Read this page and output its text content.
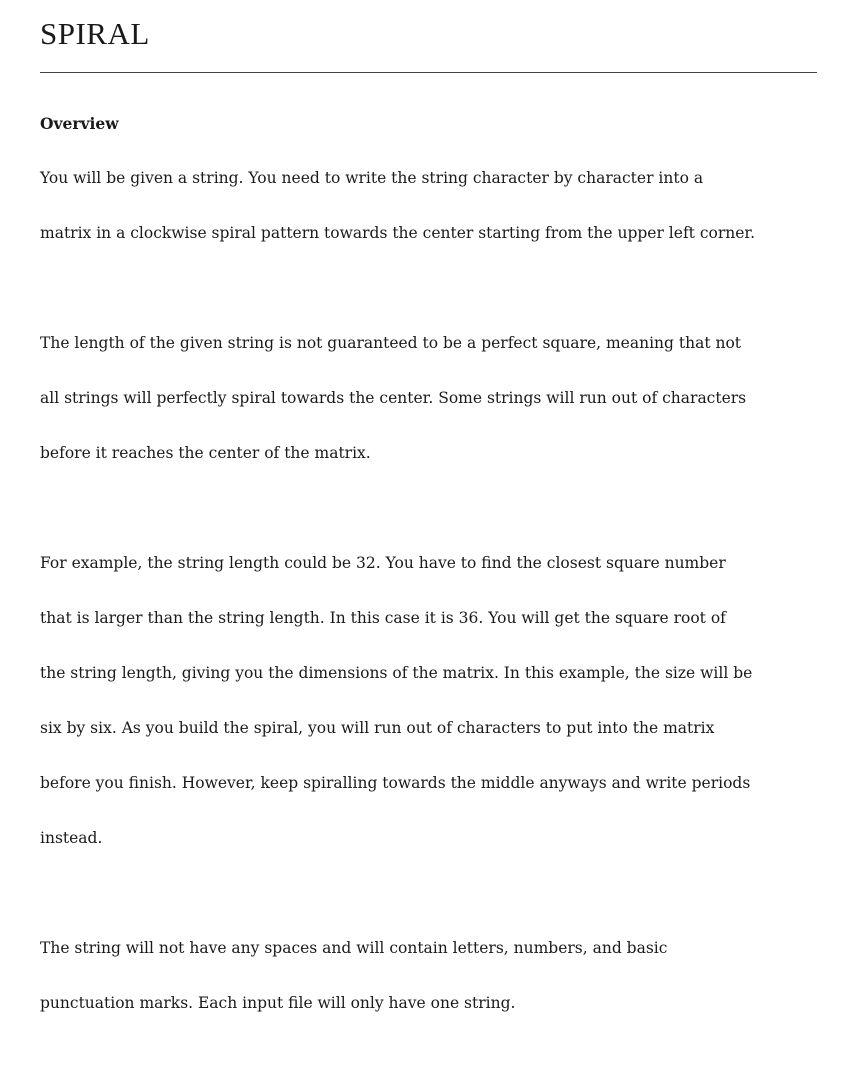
SPIRAL
Overview

You will be given a string. You need to write the string character by character into a

matrix in a clockwise spiral pattern towards the center starting from the upper left corner.

The length of the given string is not guaranteed to be a perfect square, meaning that not

all strings will perfectly spiral towards the center. Some strings will run out of characters

before it reaches the center of the matrix.

For example, the string length could be 32. You have to find the closest square number

that is larger than the string length. In this case it is 36. You will get the square root of

the string length, giving you the dimensions of the matrix. In this example, the size will be

six by six. As you build the spiral, you will run out of characters to put into the matrix

before you finish. However, keep spiralling towards the middle anyways and write periods

instead.

The string will not have any spaces and will contain letters, numbers, and basic

punctuation marks. Each input file will only have one string.
